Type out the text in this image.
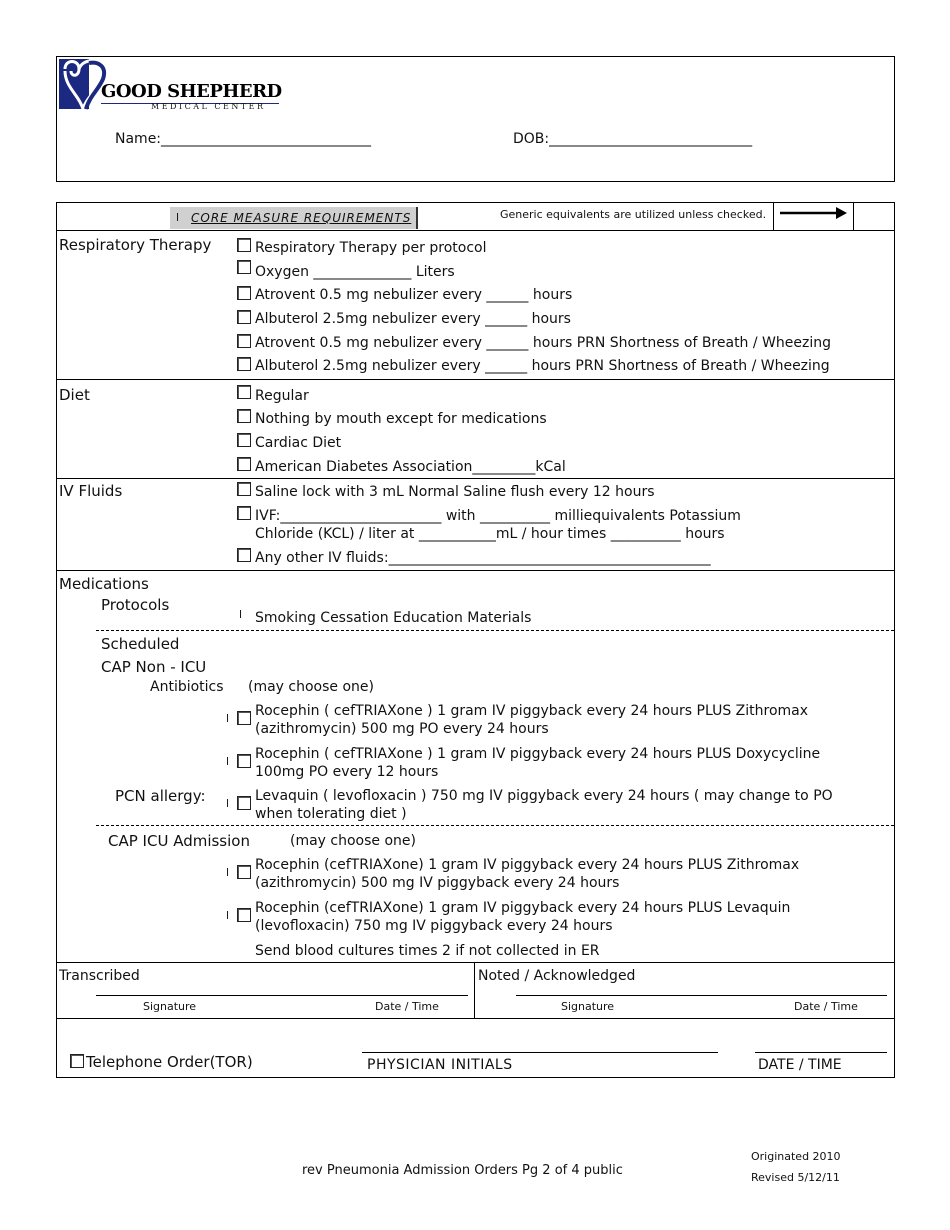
GOOD SHEPHERD
MEDICAL CENTER
Name:______________________________	DOB:_____________________________
l CORE MEASURE REQUIREMENTS	Generic equivalents are utilized unless checked.
Respiratory Therapy	Respiratory Therapy per protocol
Oxygen ______________ Liters
Atrovent 0.5 mg nebulizer every ______ hours
Albuterol 2.5mg nebulizer every ______ hours
Atrovent 0.5 mg nebulizer every ______ hours PRN Shortness of Breath / Wheezing
Albuterol 2.5mg nebulizer every ______ hours PRN Shortness of Breath / Wheezing
Diet	Regular
Nothing by mouth except for medications
Cardiac Diet
American Diabetes Association_________kCal
IV Fluids	Saline lock with 3 mL Normal Saline flush every 12 hours
IVF:_______________________ with __________ milliequivalents Potassium
Chloride (KCL) / liter at ___________mL / hour times __________ hours
Any other IV fluids:______________________________________________
Medications
Protocols
l Smoking Cessation Education Materials
Scheduled
CAP Non - ICU
Antibiotics (may choose one)
l Rocephin ( cefTRIAXone ) 1 gram IV piggyback every 24 hours PLUS Zithromax
(azithromycin) 500 mg PO every 24 hours
l Rocephin ( cefTRIAXone ) 1 gram IV piggyback every 24 hours PLUS Doxycycline
100mg PO every 12 hours
PCN allergy: l Levaquin ( levofloxacin ) 750 mg IV piggyback every 24 hours ( may change to PO
when tolerating diet )
CAP ICU Admission	(may choose one)
l Rocephin (cefTRIAXone) 1 gram IV piggyback every 24 hours PLUS Zithromax
(azithromycin) 500 mg IV piggyback every 24 hours
l Rocephin (cefTRIAXone) 1 gram IV piggyback every 24 hours PLUS Levaquin
(levofloxacin) 750 mg IV piggyback every 24 hours
Send blood cultures times 2 if not collected in ER
Transcribed
Signature	Date / Time
Noted / Acknowledged
Signature	Date / Time
Telephone Order(TOR)	PHYSICIAN INITIALS	DATE / TIME
rev Pneumonia Admission Orders Pg 2 of 4 public
Originated 2010
Revised 5/12/11
